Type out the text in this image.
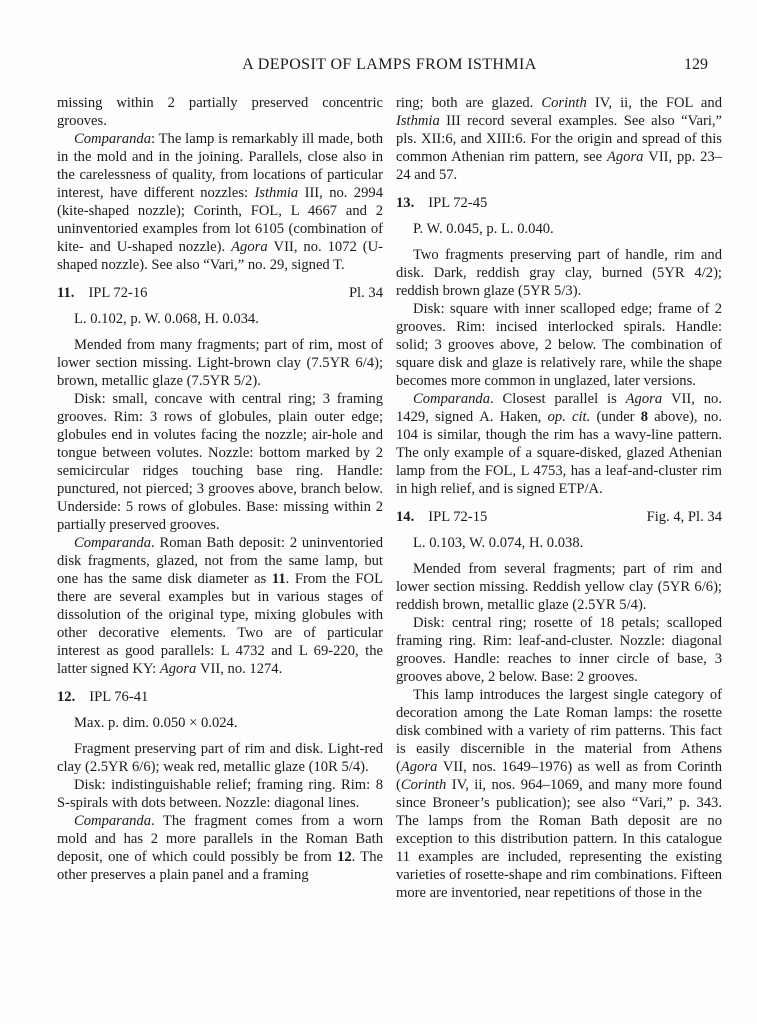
A DEPOSIT OF LAMPS FROM ISTHMIA	129

missing within 2 partially preserved concentric grooves.

Comparanda: The lamp is remarkably ill made, both in the mold and in the joining. Parallels, close also in the carelessness of quality, from locations of particular interest, have different nozzles: Isthmia III, no. 2994 (kite-shaped nozzle); Corinth, FOL, L 4667 and 2 uninventoried examples from lot 6105 (combination of kite- and U-shaped nozzle). Agora VII, no. 1072 (U-shaped nozzle). See also “Vari,” no. 29, signed T.

11. IPL 72-16	Pl. 34

L. 0.102, p. W. 0.068, H. 0.034.

Mended from many fragments; part of rim, most of lower section missing. Light-brown clay (7.5YR 6/4); brown, metallic glaze (7.5YR 5/2).

Disk: small, concave with central ring; 3 framing grooves. Rim: 3 rows of globules, plain outer edge; globules end in volutes facing the nozzle; air-hole and tongue between volutes. Nozzle: bottom marked by 2 semicircular ridges touching base ring. Handle: punctured, not pierced; 3 grooves above, branch below. Underside: 5 rows of globules. Base: missing within 2 partially preserved grooves.

Comparanda. Roman Bath deposit: 2 uninventoried disk fragments, glazed, not from the same lamp, but one has the same disk diameter as 11. From the FOL there are several examples but in various stages of dissolution of the original type, mixing globules with other decorative elements. Two are of particular interest as good parallels: L 4732 and L 69-220, the latter signed KY: Agora VII, no. 1274.

12. IPL 76-41

Max. p. dim. 0.050 × 0.024.

Fragment preserving part of rim and disk. Light-red clay (2.5YR 6/6); weak red, metallic glaze (10R 5/4).

Disk: indistinguishable relief; framing ring. Rim: 8 S-spirals with dots between. Nozzle: diagonal lines.

Comparanda. The fragment comes from a worn mold and has 2 more parallels in the Roman Bath deposit, one of which could possibly be from 12. The other preserves a plain panel and a framing

ring; both are glazed. Corinth IV, ii, the FOL and Isthmia III record several examples. See also “Vari,” pls. XII:6, and XIII:6. For the origin and spread of this common Athenian rim pattern, see Agora VII, pp. 23–24 and 57.

13. IPL 72-45

P. W. 0.045, p. L. 0.040.

Two fragments preserving part of handle, rim and disk. Dark, reddish gray clay, burned (5YR 4/2); reddish brown glaze (5YR 5/3).

Disk: square with inner scalloped edge; frame of 2 grooves. Rim: incised interlocked spirals. Handle: solid; 3 grooves above, 2 below. The combination of square disk and glaze is relatively rare, while the shape becomes more common in unglazed, later versions.

Comparanda. Closest parallel is Agora VII, no. 1429, signed Α. Haken, op. cit. (under 8 above), no. 104 is similar, though the rim has a wavy-line pattern. The only example of a square-disked, glazed Athenian lamp from the FOL, L 4753, has a leaf-and-cluster rim in high relief, and is signed ΕΤΡ/Α.

14. IPL 72-15	Fig. 4, Pl. 34

L. 0.103, W. 0.074, H. 0.038.

Mended from several fragments; part of rim and lower section missing. Reddish yellow clay (5YR 6/6); reddish brown, metallic glaze (2.5YR 5/4).

Disk: central ring; rosette of 18 petals; scalloped framing ring. Rim: leaf-and-cluster. Nozzle: diagonal grooves. Handle: reaches to inner circle of base, 3 grooves above, 2 below. Base: 2 grooves.

This lamp introduces the largest single category of decoration among the Late Roman lamps: the rosette disk combined with a variety of rim patterns. This fact is easily discernible in the material from Athens (Agora VII, nos. 1649–1976) as well as from Corinth (Corinth IV, ii, nos. 964–1069, and many more found since Broneer’s publication); see also “Vari,” p. 343. The lamps from the Roman Bath deposit are no exception to this distribution pattern. In this catalogue 11 examples are included, representing the existing varieties of rosette-shape and rim combinations. Fifteen more are inventoried, near repetitions of those in the
